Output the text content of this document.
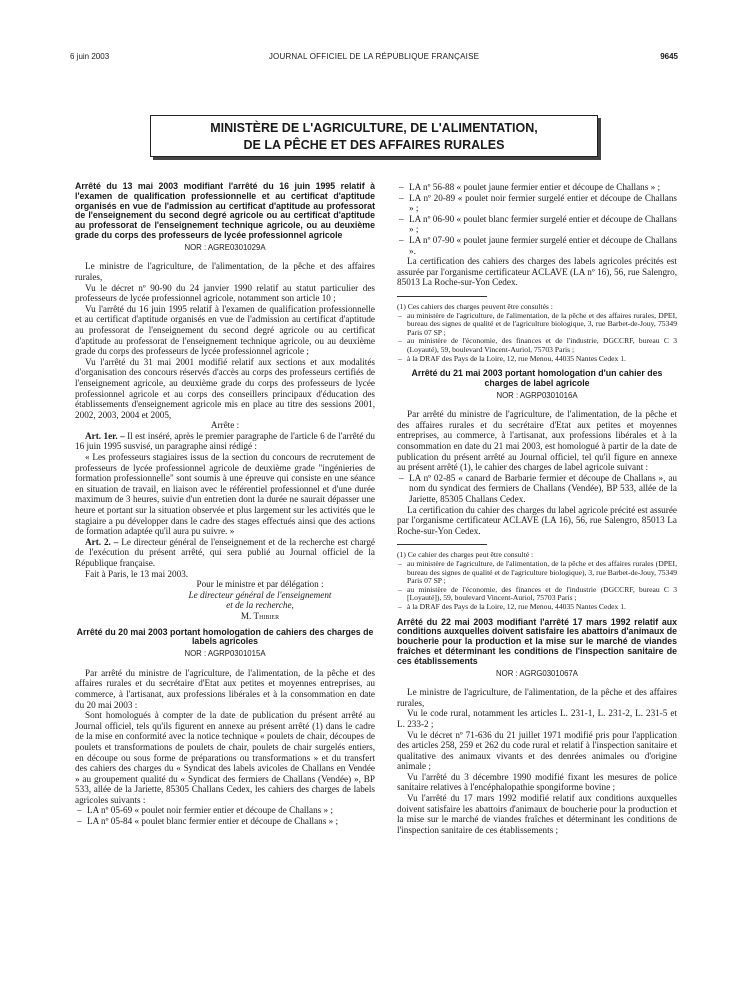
6 juin 2003	JOURNAL OFFICIEL DE LA RÉPUBLIQUE FRANÇAISE	9645
MINISTÈRE DE L'AGRICULTURE, DE L'ALIMENTATION,
DE LA PÊCHE ET DES AFFAIRES RURALES
Arrêté du 13 mai 2003 modifiant l'arrêté du 16 juin 1995 relatif à l'examen de qualification professionnelle et au certificat d'aptitude organisés en vue de l'admission au certificat d'aptitude au professorat de l'enseignement du second degré agricole ou au certificat d'aptitude au professorat de l'enseignement technique agricole, ou au deuxième grade du corps des professeurs de lycée professionnel agricole
NOR : AGRE0301029A

Le ministre de l'agriculture, de l'alimentation, de la pêche et des affaires rurales,

Vu le décret nº 90-90 du 24 janvier 1990 relatif au statut particulier des professeurs de lycée professionnel agricole, notamment son article 10 ;

Vu l'arrêté du 16 juin 1995 relatif à l'examen de qualification professionnelle et au certificat d'aptitude organisés en vue de l'admission au certificat d'aptitude au professorat de l'enseignement du second degré agricole ou au certificat d'aptitude au professorat de l'enseignement technique agricole, ou au deuxième grade du corps des professeurs de lycée professionnel agricole ;

Vu l'arrêté du 31 mai 2001 modifié relatif aux sections et aux modalités d'organisation des concours réservés d'accès au corps des professeurs certifiés de l'enseignement agricole, au deuxième grade du corps des professeurs de lycée professionnel agricole et au corps des conseillers principaux d'éducation des établissements d'enseignement agricole mis en place au titre des sessions 2001, 2002, 2003, 2004 et 2005,

Arrête :

Art. 1er. – Il est inséré, après le premier paragraphe de l'article 6 de l'arrêté du 16 juin 1995 susvisé, un paragraphe ainsi rédigé :

« Les professeurs stagiaires issus de la section du concours de recrutement de professeurs de lycée professionnel agricole de deuxième grade "ingénieries de formation professionnelle" sont soumis à une épreuve qui consiste en une séance en situation de travail, en liaison avec le référentiel professionnel et d'une durée maximum de 3 heures, suivie d'un entretien dont la durée ne saurait dépasser une heure et portant sur la situation observée et plus largement sur les activités que le stagiaire a pu développer dans le cadre des stages effectués ainsi que des actions de formation adaptée qu'il aura pu suivre. »

Art. 2. – Le directeur général de l'enseignement et de la recherche est chargé de l'exécution du présent arrêté, qui sera publié au Journal officiel de la République française.

Fait à Paris, le 13 mai 2003.

Pour le ministre et par délégation :
Le directeur général de l'enseignement
et de la recherche,
M. Thibier
Arrêté du 20 mai 2003 portant homologation de cahiers des charges de labels agricoles
NOR : AGRP0301015A

Par arrêté du ministre de l'agriculture, de l'alimentation, de la pêche et des affaires rurales et du secrétaire d'Etat aux petites et moyennes entreprises, au commerce, à l'artisanat, aux professions libérales et à la consommation en date du 20 mai 2003 :

Sont homologués à compter de la date de publication du présent arrêté au Journal officiel, tels qu'ils figurent en annexe au présent arrêté (1) dans le cadre de la mise en conformité avec la notice technique « poulets de chair, découpes de poulets et transformations de poulets de chair, poulets de chair surgelés entiers, en découpe ou sous forme de préparations ou transformations » et du transfert des cahiers des charges du « Syndicat des labels avicoles de Challans en Vendée » au groupement qualité du « Syndicat des fermiers de Challans (Vendée) », BP 533, allée de la Jariette, 85305 Challans Cedex, les cahiers des charges de labels agricoles suivants :

– LA nº 05-69 « poulet noir fermier entier et découpe de Challans » ;

– LA nº 05-84 « poulet blanc fermier entier et découpe de Challans » ;

– LA nº 56-88 « poulet jaune fermier entier et découpe de Challans » ;

– LA nº 20-89 « poulet noir fermier surgelé entier et découpe de Challans » ;

– LA nº 06-90 « poulet blanc fermier surgelé entier et découpe de Challans » ;

– LA nº 07-90 « poulet jaune fermier surgelé entier et découpe de Challans ».

La certification des cahiers des charges des labels agricoles précités est assurée par l'organisme certificateur ACLAVE (LA nº 16), 56, rue Salengro, 85013 La Roche-sur-Yon Cedex.

(1) Ces cahiers des charges peuvent être consultés :

– au ministère de l'agriculture, de l'alimentation, de la pêche et des affaires rurales, DPEI, bureau des signes de qualité et de l'agriculture biologique, 3, rue Barbet-de-Jouy, 75349 Paris 07 SP ;

– au ministère de l'économie, des finances et de l'industrie, DGCCRF, bureau C 3 (Loyauté), 59, boulevard Vincent-Auriol, 75703 Paris ;

– à la DRAF des Pays de la Loire, 12, rue Menou, 44035 Nantes Cedex 1.

Arrêté du 21 mai 2003 portant homologation d'un cahier des charges de label agricole
NOR : AGRP0301016A

Par arrêté du ministre de l'agriculture, de l'alimentation, de la pêche et des affaires rurales et du secrétaire d'Etat aux petites et moyennes entreprises, au commerce, à l'artisanat, aux professions libérales et à la consommation en date du 21 mai 2003, est homologué à partir de la date de publication du présent arrêté au Journal officiel, tel qu'il figure en annexe au présent arrêté (1), le cahier des charges de label agricole suivant :

– LA nº 02-85 « canard de Barbarie fermier et découpe de Challans », au nom du syndicat des fermiers de Challans (Vendée), BP 533, allée de la Jariette, 85305 Challans Cedex.

La certification du cahier des charges du label agricole précité est assurée par l'organisme certificateur ACLAVE (LA 16), 56, rue Salengro, 85013 La Roche-sur-Yon Cedex.

(1) Ce cahier des charges peut être consulté :

– au ministère de l'agriculture, de l'alimentation, de la pêche et des affaires rurales (DPEI, bureau des signes de qualité et de l'agriculture biologique), 3, rue Barbet-de-Jouy, 75349 Paris 07 SP ;

– au ministère de l'économie, des finances et de l'industrie (DGCCRF, bureau C 3 [Loyauté]), 59, boulevard Vincent-Auriol, 75703 Paris ;

– à la DRAF des Pays de la Loire, 12, rue Menou, 44035 Nantes Cedex 1.

Arrêté du 22 mai 2003 modifiant l'arrêté 17 mars 1992 relatif aux conditions auxquelles doivent satisfaire les abattoirs d'animaux de boucherie pour la production et la mise sur le marché de viandes fraîches et déterminant les conditions de l'inspection sanitaire de ces établissements
NOR : AGRG0301067A

Le ministre de l'agriculture, de l'alimentation, de la pêche et des affaires rurales,

Vu le code rural, notamment les articles L. 231-1, L. 231-2, L. 231-5 et L. 233-2 ;

Vu le décret nº 71-636 du 21 juillet 1971 modifié pris pour l'application des articles 258, 259 et 262 du code rural et relatif à l'inspection sanitaire et qualitative des animaux vivants et des denrées animales ou d'origine animale ;

Vu l'arrêté du 3 décembre 1990 modifié fixant les mesures de police sanitaire relatives à l'encéphalopathie spongiforme bovine ;

Vu l'arrêté du 17 mars 1992 modifié relatif aux conditions auxquelles doivent satisfaire les abattoirs d'animaux de boucherie pour la production et la mise sur le marché de viandes fraîches et déterminant les conditions de l'inspection sanitaire de ces établissements ;
